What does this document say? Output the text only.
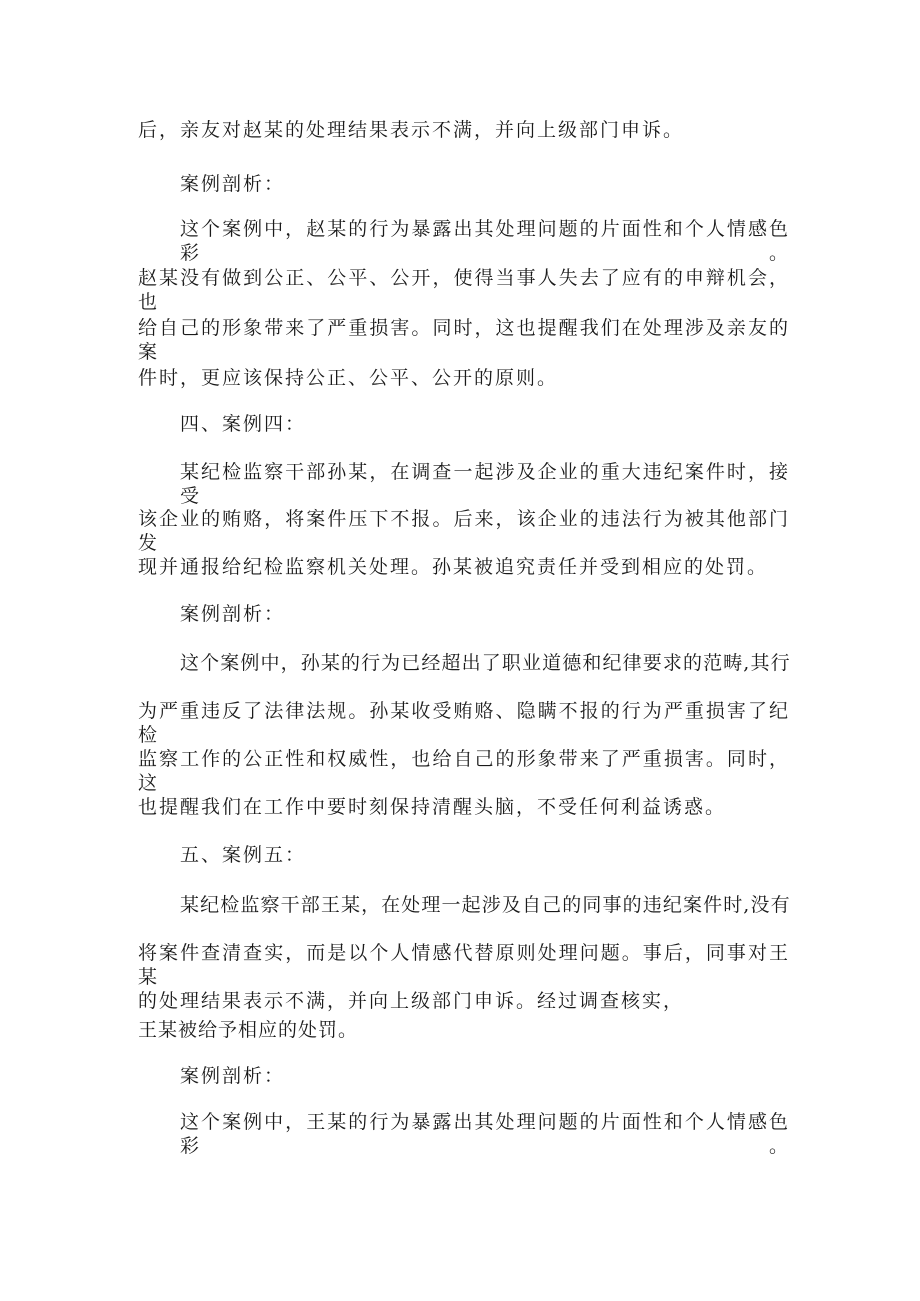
后，亲友对赵某的处理结果表示不满，并向上级部门申诉。
案例剖析：
这个案例中，赵某的行为暴露出其处理问题的片面性和个人情感色彩。
赵某没有做到公正、公平、公开，使得当事人失去了应有的申辩机会，也
给自己的形象带来了严重损害。同时，这也提醒我们在处理涉及亲友的案
件时，更应该保持公正、公平、公开的原则。
四、案例四：
某纪检监察干部孙某，在调查一起涉及企业的重大违纪案件时，接受
该企业的贿赂，将案件压下不报。后来，该企业的违法行为被其他部门发
现并通报给纪检监察机关处理。孙某被追究责任并受到相应的处罚。
案例剖析：
这个案例中，孙某的行为已经超出了职业道德和纪律要求的范畴,其行
为严重违反了法律法规。孙某收受贿赂、隐瞒不报的行为严重损害了纪检
监察工作的公正性和权威性，也给自己的形象带来了严重损害。同时，这
也提醒我们在工作中要时刻保持清醒头脑，不受任何利益诱惑。
五、案例五：
某纪检监察干部王某，在处理一起涉及自己的同事的违纪案件时,没有
将案件查清查实，而是以个人情感代替原则处理问题。事后，同事对王某
的处理结果表示不满，并向上级部门申诉。经过调查核实，
王某被给予相应的处罚。
案例剖析：
这个案例中，王某的行为暴露出其处理问题的片面性和个人情感色彩。
